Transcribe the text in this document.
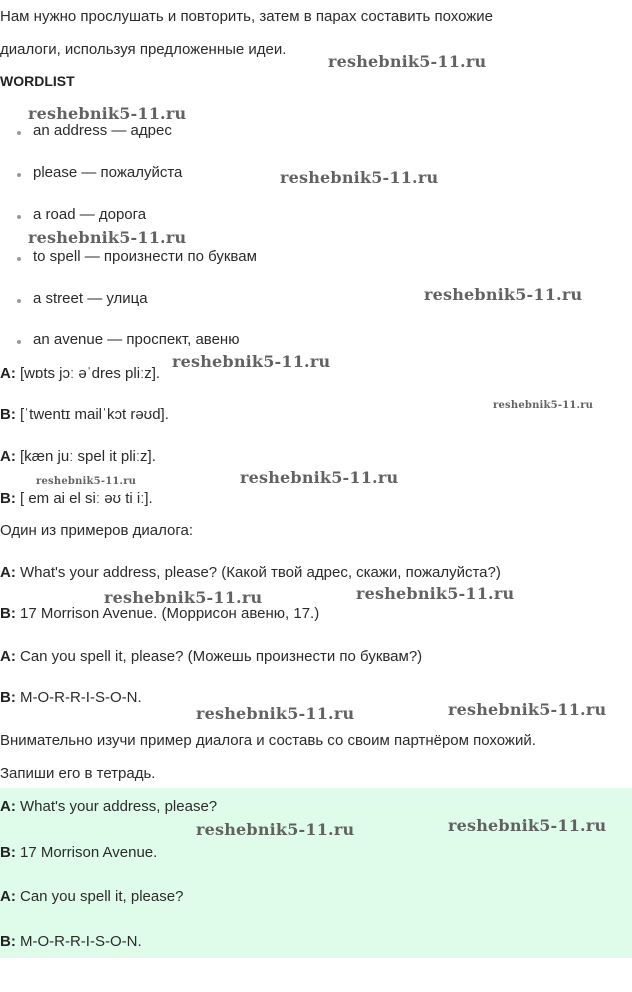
Нам нужно прослушать и повторить, затем в парах составить похожие
диалоги, используя предложенные идеи.
WORDLIST
an address — адрес
please — пожалуйста
a road — дорога
to spell — произнести по буквам
a street — улица
an avenue — проспект, авеню
A: [wɒts jɔː əˈdres pliːz].
B: [ˈtwentɪ mailˈkɔt rəʊd].
A: [kæn juː spel it pliːz].
B: [ em ai el siː əʊ ti iː].
Один из примеров диалога:
A: What's your address, please? (Какой твой адрес, скажи, пожалуйста?)
B: 17 Morrison Avenue. (Моррисон авеню, 17.)
A: Can you spell it, please? (Можешь произнести по буквам?)
B: M-O-R-R-I-S-O-N.
Внимательно изучи пример диалога и составь со своим партнёром похожий.
Запиши его в тетрадь.
A: What's your address, please?
B: 17 Morrison Avenue.
A: Can you spell it, please?
B: M-O-R-R-I-S-O-N.
reshebnik5-11.ru
reshebnik5-11.ru
reshebnik5-11.ru
reshebnik5-11.ru
reshebnik5-11.ru
reshebnik5-11.ru
reshebnik5-11.ru
reshebnik5-11.ru
reshebnik5-11.ru
reshebnik5-11.ru	reshebnik5-11.ru
reshebnik5-11.ru	reshebnik5-11.ru
reshebnik5-11.ru	reshebnik5-11.ru
